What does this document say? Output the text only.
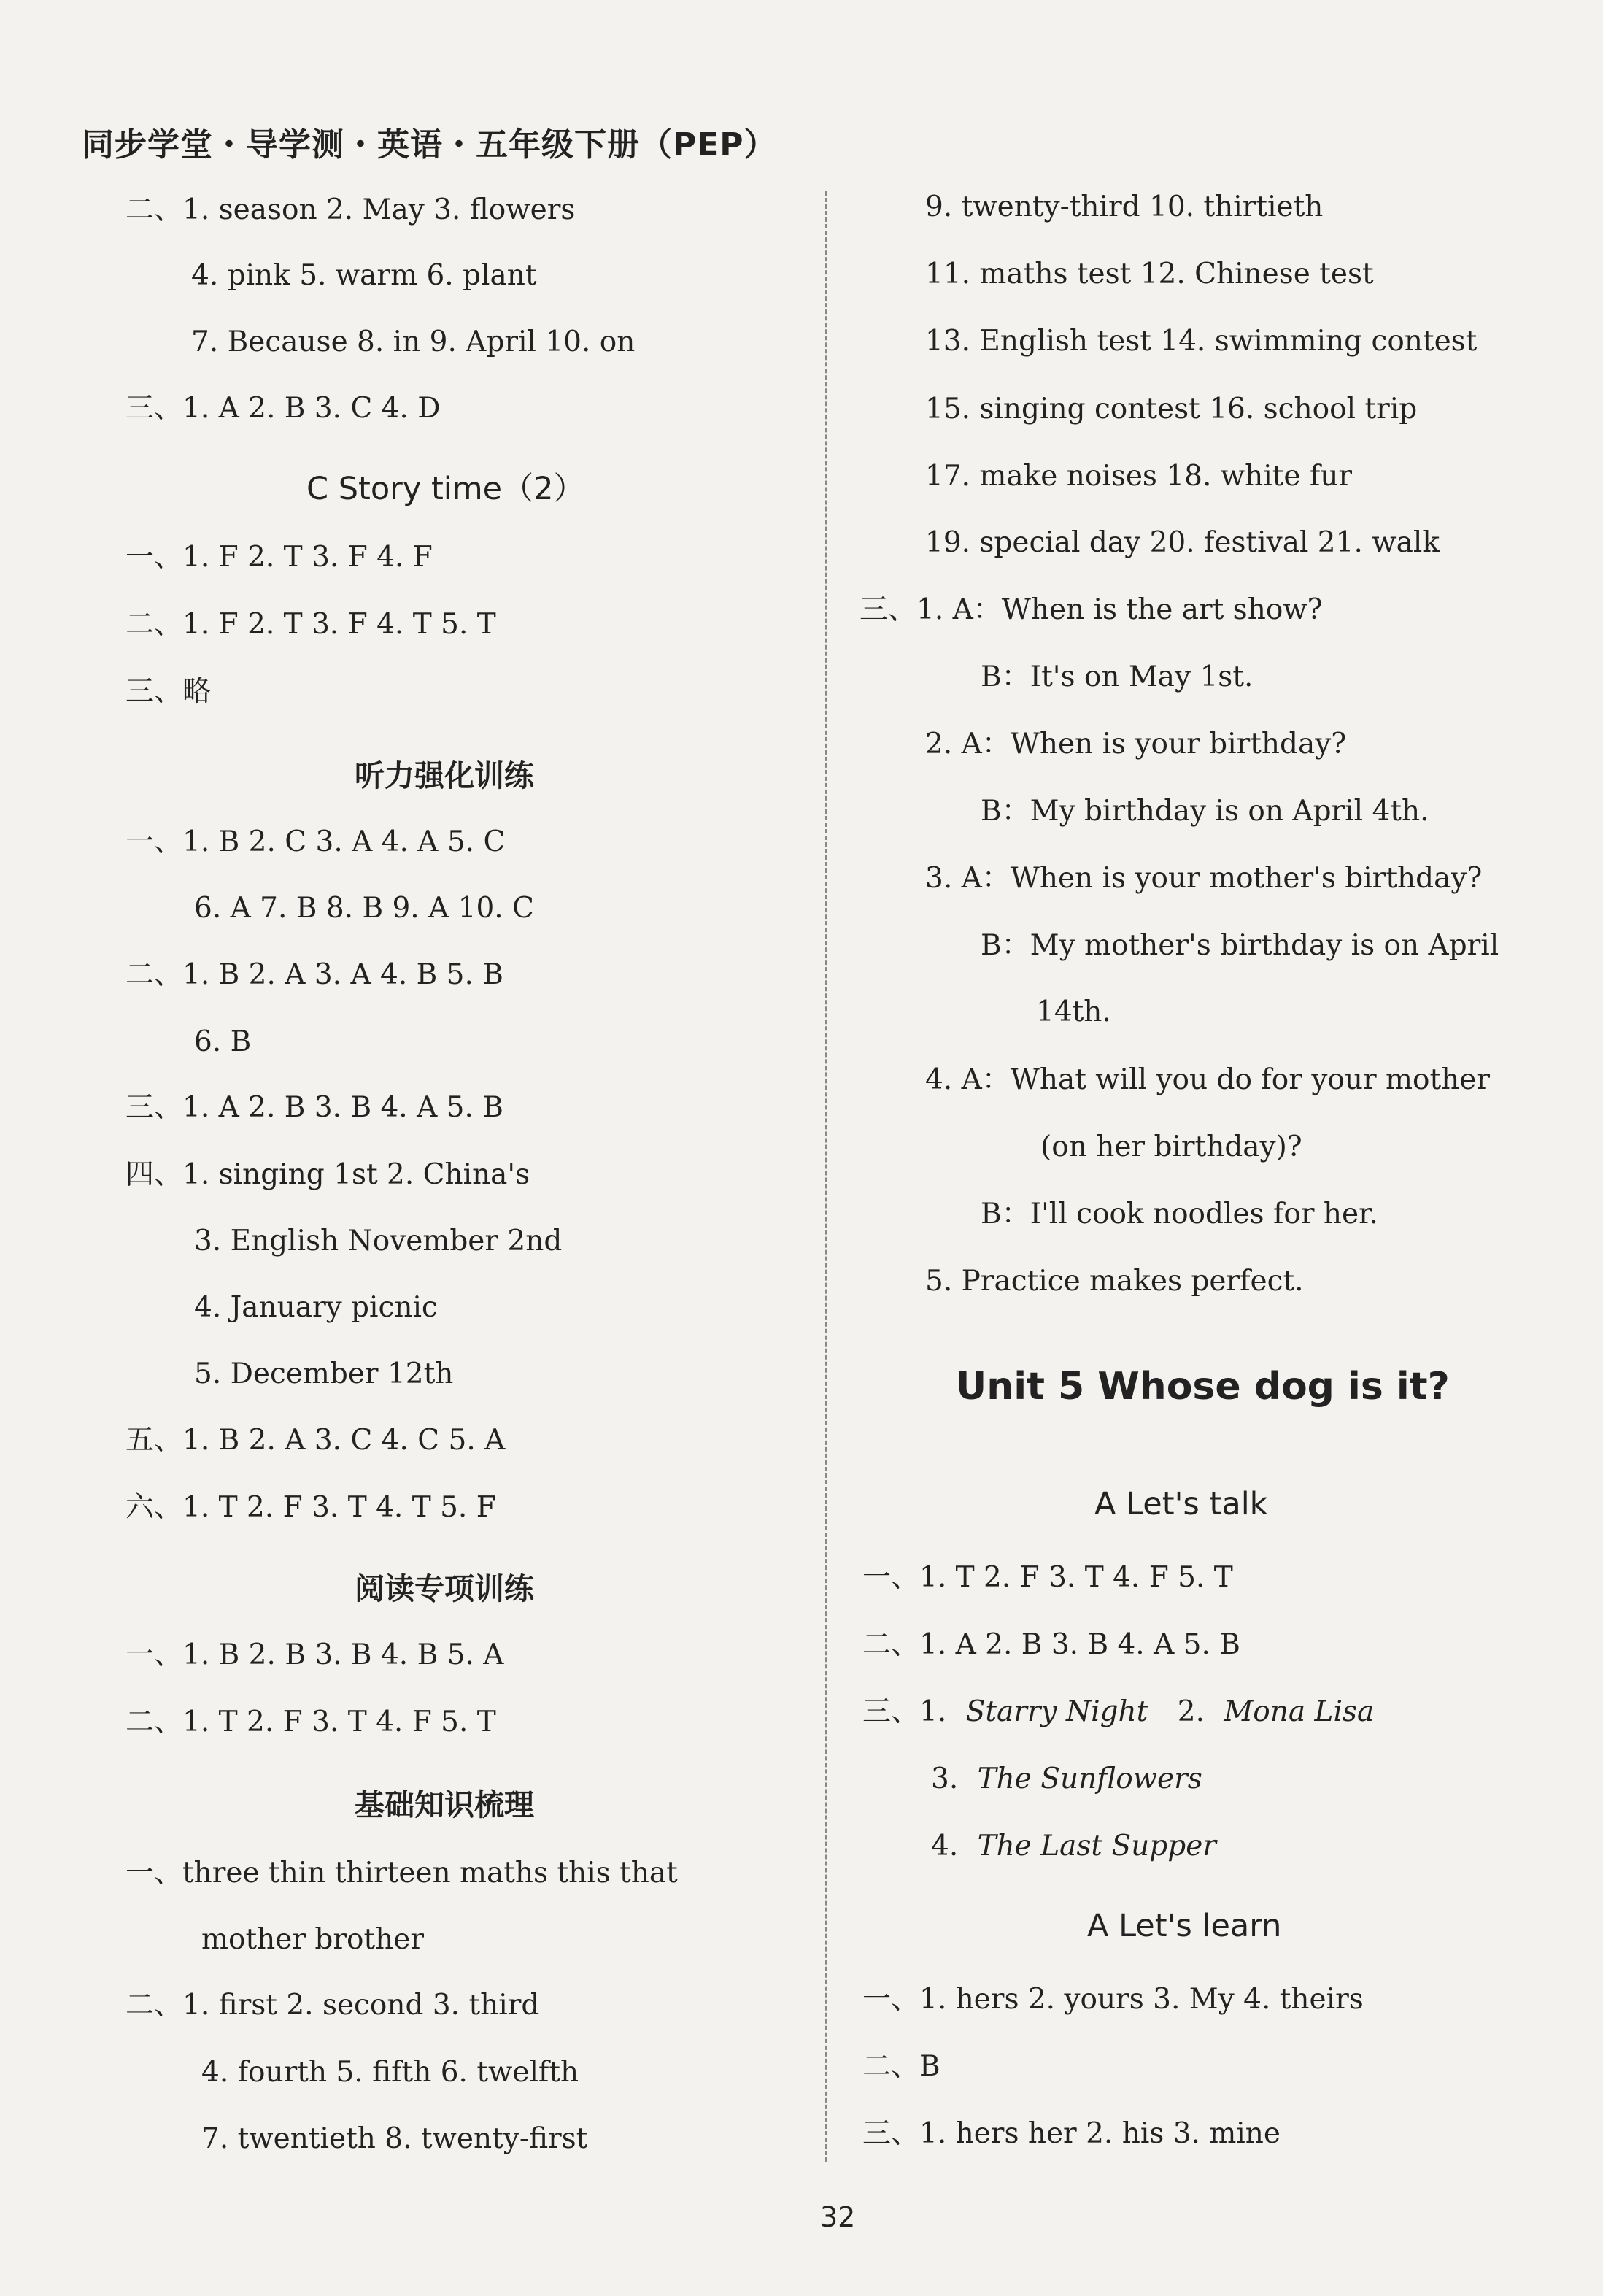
同步学堂・导学测・英语・五年级下册（PEP）
二、1. season 2. May 3. flowers
4. pink 5. warm 6. plant
7. Because 8. in 9. April 10. on
三、1. A 2. B 3. C 4. D
C Story time（2）
一、1. F 2. T 3. F 4. F
二、1. F 2. T 3. F 4. T 5. T
三、略
听力强化训练
一、1. B 2. C 3. A 4. A 5. C
6. A 7. B 8. B 9. A 10. C
二、1. B 2. A 3. A 4. B 5. B
6. B
三、1. A 2. B 3. B 4. A 5. B
四、1. singing 1st 2. China's
3. English November 2nd
4. January picnic
5. December 12th
五、1. B 2. A 3. C 4. C 5. A
六、1. T 2. F 3. T 4. T 5. F
阅读专项训练
一、1. B 2. B 3. B 4. B 5. A
二、1. T 2. F 3. T 4. F 5. T
基础知识梳理
一、three thin thirteen maths this that
mother brother
二、1. first 2. second 3. third
4. fourth 5. fifth 6. twelfth
7. twentieth 8. twenty-first
9. twenty-third 10. thirtieth
11. maths test 12. Chinese test
13. English test 14. swimming contest
15. singing contest 16. school trip
17. make noises 18. white fur
19. special day 20. festival 21. walk
三、1. A：When is the art show?
B：It's on May 1st.
2. A：When is your birthday?
B：My birthday is on April 4th.
3. A：When is your mother's birthday?
B：My mother's birthday is on April
14th.
4. A：What will you do for your mother
(on her birthday)?
B：I'll cook noodles for her.
5. Practice makes perfect.
Unit 5 Whose dog is it?
A Let's talk
一、1. T 2. F 3. T 4. F 5. T
二、1. A 2. B 3. B 4. A 5. B
三、1. Starry Night 2. Mona Lisa
3. The Sunflowers
4. The Last Supper
A Let's learn
一、1. hers 2. yours 3. My 4. theirs
二、B
三、1. hers her 2. his 3. mine
32
